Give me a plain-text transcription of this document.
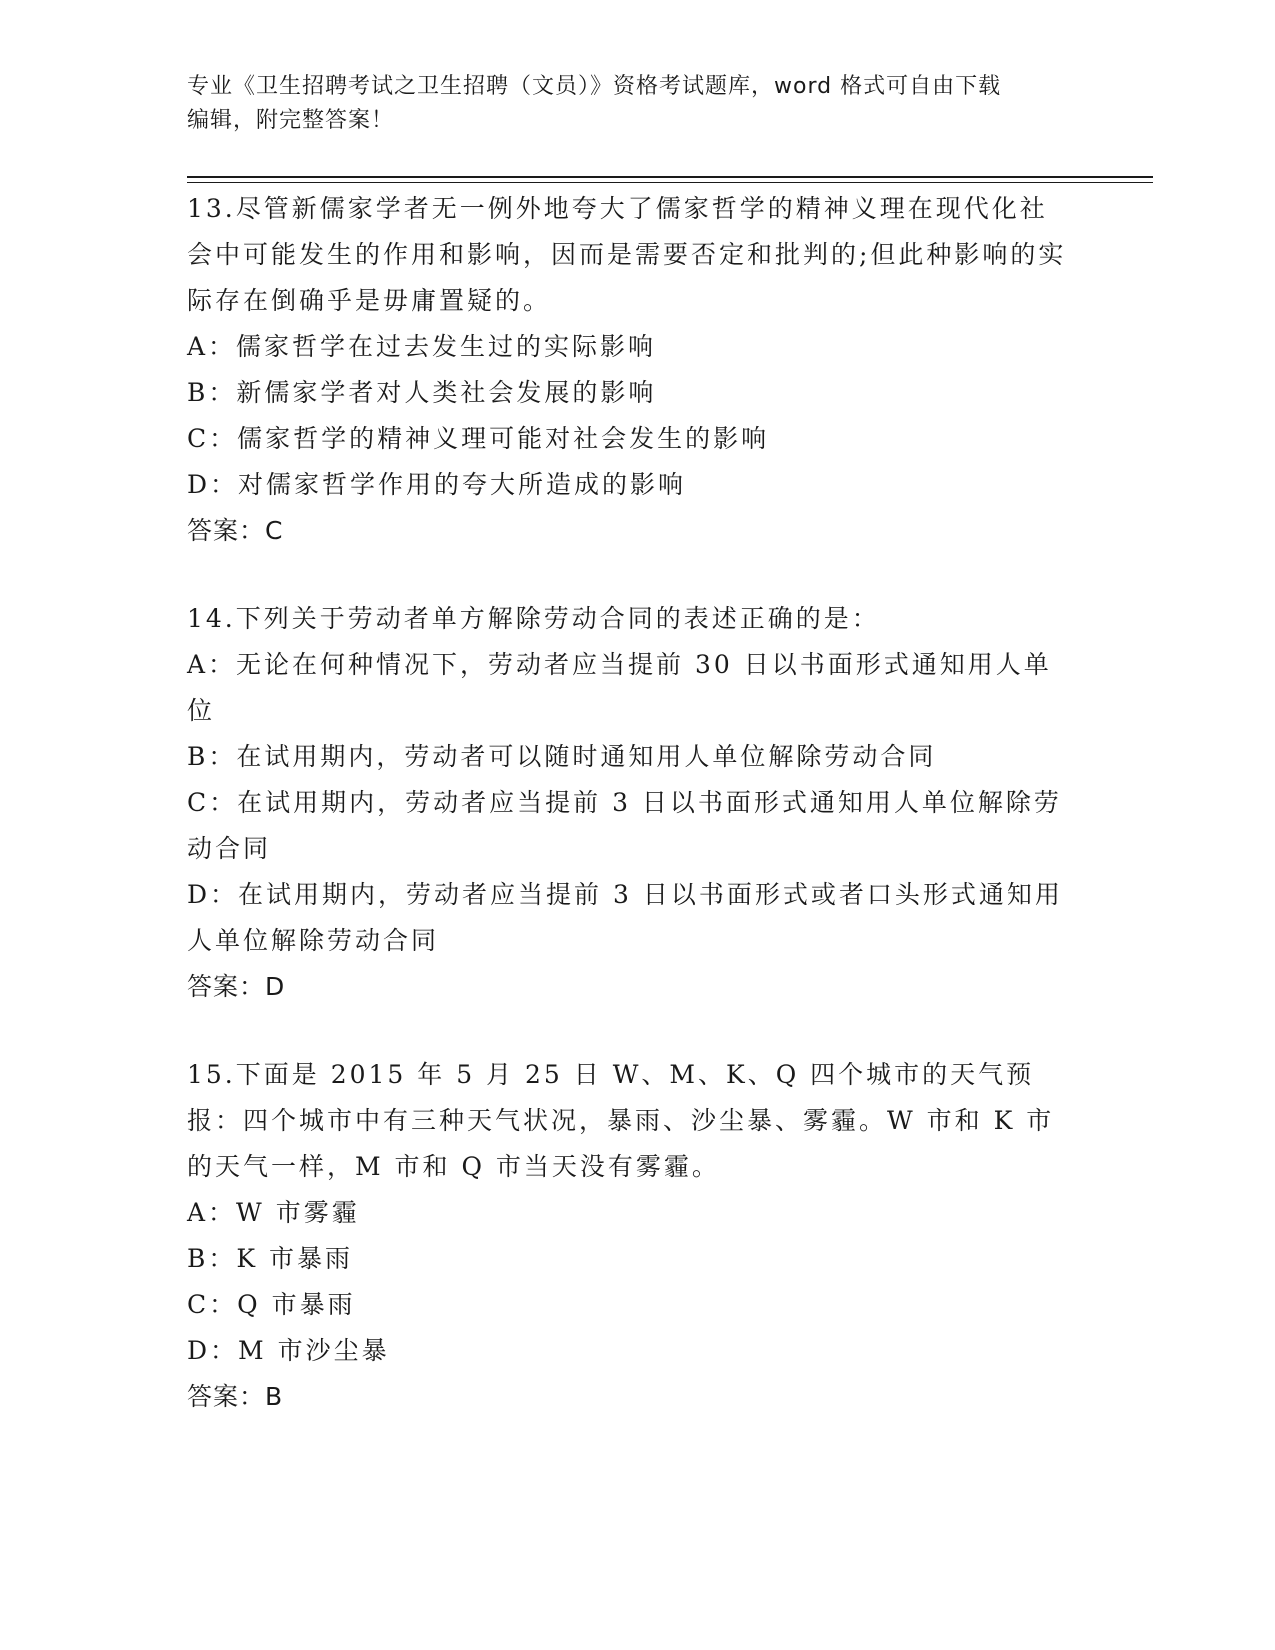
专业《卫生招聘考试之卫生招聘（文员）》资格考试题库，word 格式可自由下载
编辑，附完整答案！

13.尽管新儒家学者无一例外地夸大了儒家哲学的精神义理在现代化社会中可能发生的作用和影响，因而是需要否定和批判的;但此种影响的实际存在倒确乎是毋庸置疑的。

A：儒家哲学在过去发生过的实际影响

B：新儒家学者对人类社会发展的影响

C：儒家哲学的精神义理可能对社会发生的影响

D：对儒家哲学作用的夸大所造成的影响

答案：C

14.下列关于劳动者单方解除劳动合同的表述正确的是：

A：无论在何种情况下，劳动者应当提前 30 日以书面形式通知用人单位

B：在试用期内，劳动者可以随时通知用人单位解除劳动合同

C：在试用期内，劳动者应当提前 3 日以书面形式通知用人单位解除劳动合同

D：在试用期内，劳动者应当提前 3 日以书面形式或者口头形式通知用人单位解除劳动合同

答案：D

15.下面是 2015 年 5 月 25 日 W、M、K、Q 四个城市的天气预报：四个城市中有三种天气状况，暴雨、沙尘暴、雾霾。W 市和 K 市的天气一样，M 市和 Q 市当天没有雾霾。

A：W 市雾霾

B：K 市暴雨

C：Q 市暴雨

D：M 市沙尘暴

答案：B
